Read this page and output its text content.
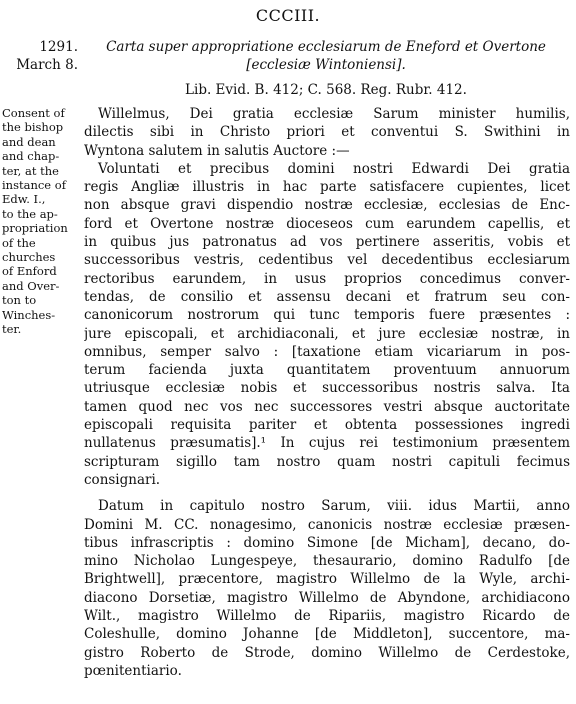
CCCIII.
1291.
March 8.
Carta super appropriatione ecclesiarum de Eneford et Overtone
[ecclesiæ Wintoniensi].
Lib. Evid. B. 412; C. 568. Reg. Rubr. 412.
Consent of
the bishop
and dean
and chap-
ter, at the
instance of
Edw. I.,
to the ap-
propriation
of the
churches
of Enford
and Over-
ton to
Winches-
ter.
Willelmus, Dei gratia ecclesiæ Sarum minister humilis,
dilectis sibi in Christo priori et conventui S. Swithini in
Wyntona salutem in salutis Auctore :—
Voluntati et precibus domini nostri Edwardi Dei gratia
regis Angliæ illustris in hac parte satisfacere cupientes, licet
non absque gravi dispendio nostræ ecclesiæ, ecclesias de Enc-
ford et Overtone nostræ dioceseos cum earundem capellis, et
in quibus jus patronatus ad vos pertinere asseritis, vobis et
successoribus vestris, cedentibus vel decedentibus ecclesiarum
rectoribus earundem, in usus proprios concedimus conver-
tendas, de consilio et assensu decani et fratrum seu con-
canonicorum nostrorum qui tunc temporis fuere præsentes :
jure episcopali, et archidiaconali, et jure ecclesiæ nostræ, in
omnibus, semper salvo : [taxatione etiam vicariarum in pos-
terum facienda juxta quantitatem proventuum annuorum
utriusque ecclesiæ nobis et successoribus nostris salva. Ita
tamen quod nec vos nec successores vestri absque auctoritate
episcopali requisita pariter et obtenta possessiones ingredi
nullatenus præsumatis].¹ In cujus rei testimonium præsentem
scripturam sigillo tam nostro quam nostri capituli fecimus
consignari.
Datum in capitulo nostro Sarum, viii. idus Martii, anno
Domini M. CC. nonagesimo, canonicis nostræ ecclesiæ præsen-
tibus infrascriptis : domino Simone [de Micham], decano, do-
mino Nicholao Lungespeye, thesaurario, domino Radulfo [de
Brightwell], præcentore, magistro Willelmo de la Wyle, archi-
diacono Dorsetiæ, magistro Willelmo de Abyndone, archidiacono
Wilt., magistro Willelmo de Ripariis, magistro Ricardo de
Coleshulle, domino Johanne [de Middleton], succentore, ma-
gistro Roberto de Strode, domino Willelmo de Cerdestoke,
pœnitentiario.
